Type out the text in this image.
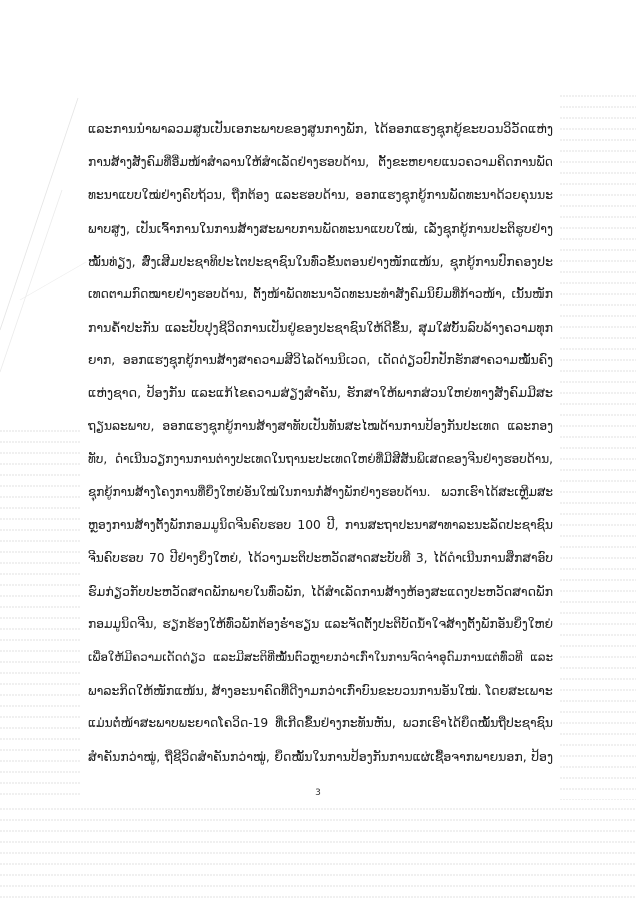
ແລະການນຳພາລວມສູນເປັນເອກະພາບຂອງສູນກາງພັກ, ໄດ້ອອກແຮງຊຸກຍູ້ຂະບວນວິວັດແຫ່ງ
ການສ້າງສັງຄົມທີ່ອີ່ມໜ້າສຳລານໃຫ້ສຳເລັດຢ່າງຮອບດ້ານ, ຕັ້ງຂະຫຍາຍແນວຄວາມຄິດການພັດ
ທະນາແບບໃໝ່ຢ່າງຄົບຖ້ວນ, ຖືກຕ້ອງ ແລະຮອບດ້ານ, ອອກແຮງຊຸກຍູ້ການພັດທະນາດ້ວຍຄຸນນະ
ພາບສູງ, ເປັນເຈົ້າການໃນການສ້າງສະພາບການພັດທະນາແບບໃໝ່, ເລັ່ງຊຸກຍູ້ການປະຕິຮູບຢ່າງ
ໝັ້ນທ່ຽງ, ສົ່ງເສີມປະຊາທິປະໄຕປະຊາຊົນໃນທົ່ວຂັ້ນຕອນຢ່າງໜັກແໜ້ນ, ຊຸກຍູ້ການປົກຄອງປະ
ເທດຕາມກົດໝາຍຢ່າງຮອບດ້ານ, ຕັ້ງໜ້າພັດທະນາວັດທະນະທຳສັງຄົມນິຍົມທີ່ກ້າວໜ້າ, ເນັ້ນໜັກ
ການຄ້ຳປະກັນ ແລະປັບປຸງຊີວິດການເປັນຢູ່ຂອງປະຊາຊົນໃຫ້ດີຂຶ້ນ, ສຸມໃສ່ບັ້ນລົບລ້າງຄວາມທຸກ
ຍາກ, ອອກແຮງຊຸກຍູ້ການສ້າງສາຄວາມສີວິໄລດ້ານນິເວດ, ເດັດດ່ຽວປົກປັກຮັກສາຄວາມໝັ້ນຄົງ
ແຫ່ງຊາດ, ປ້ອງກັນ ແລະແກ້ໄຂຄວາມສ່ຽງສຳຄັນ, ຮັກສາໃຫ້ພາກສ່ວນໃຫຍ່ທາງສັງຄົມມີສະ
ຖຽນລະພາບ, ອອກແຮງຊຸກຍູ້ການສ້າງສາທັບເປັນທັນສະໄໝດ້ານການປ້ອງກັນປະເທດ ແລະກອງ
ທັບ, ດຳເນີນວຽກງານການຕ່າງປະເທດໃນຖານະປະເທດໃຫຍ່ທີ່ມີສີສັນພິເສດຂອງຈີນຢ່າງຮອບດ້ານ,
ຊຸກຍູ້ການສ້າງໂຄງການທີ່ຍິ່ງໃຫຍ່ອັນໃໝ່ໃນການກໍ່ສ້າງພັກຢ່າງຮອບດ້ານ. ພວກເຮົາໄດ້ສະເຫຼີມສະ
ຫຼອງການສ້າງຕັ້ງພັກກອມມູນິດຈີນຄົບຮອບ 100 ປີ, ການສະຖາປະນາສາທາລະນະລັດປະຊາຊົນ
ຈີນຄົບຮອບ 70 ປີຢ່າງຍິ່ງໃຫຍ່, ໄດ້ວາງມະຕິປະຫວັດສາດສະບັບທີ 3, ໄດ້ດຳເນີນການສຶກສາອົບ
ຮົມກ່ຽວກັບປະຫວັດສາດພັກພາຍໃນທົ່ວພັກ, ໄດ້ສຳເລັດການສ້າງຫ້ອງສະແດງປະຫວັດສາດພັກ
ກອມມູນິດຈີນ, ຮຽກຮ້ອງໃຫ້ທົ່ວພັກຕ້ອງຮ່ຳຮຽນ ແລະຈັດຕັ້ງປະຕິບັດນ້ຳໃຈສ້າງຕັ້ງພັກອັນຍິ່ງໃຫຍ່
ເພື່ອໃຫ້ມີຄວາມເດັດດ່ຽວ ແລະມີສະຕິທີ່ໝັ້ນຕົວຫຼາຍກວ່າເກົ່າໃນການຈົດຈຳອຸດົມການແຕ່ທົ່ວທີ ແລະ
ພາລະກິດໃຫ້ໜັກແໜ້ນ, ສ້າງອະນາຄົດທີ່ດີງາມກວ່າເກົ່າບົນຂະບວນການອັນໃໝ່. ໂດຍສະເພາະ
ແມ່ນຕໍ່ໜ້າສະພາບພະຍາດໂຄວິດ-19 ທີ່ເກີດຂຶ້ນຢ່າງກະທັນຫັນ, ພວກເຮົາໄດ້ຍຶດໝັ້ນຖືປະຊາຊົນ
ສຳຄັນກວ່າໝູ່, ຖືຊີວິດສຳຄັນກວ່າໝູ່, ຍຶດໝັ້ນໃນການປ້ອງກັນການແຜ່ເຊື້ອຈາກພາຍນອກ, ປ້ອງ
3
